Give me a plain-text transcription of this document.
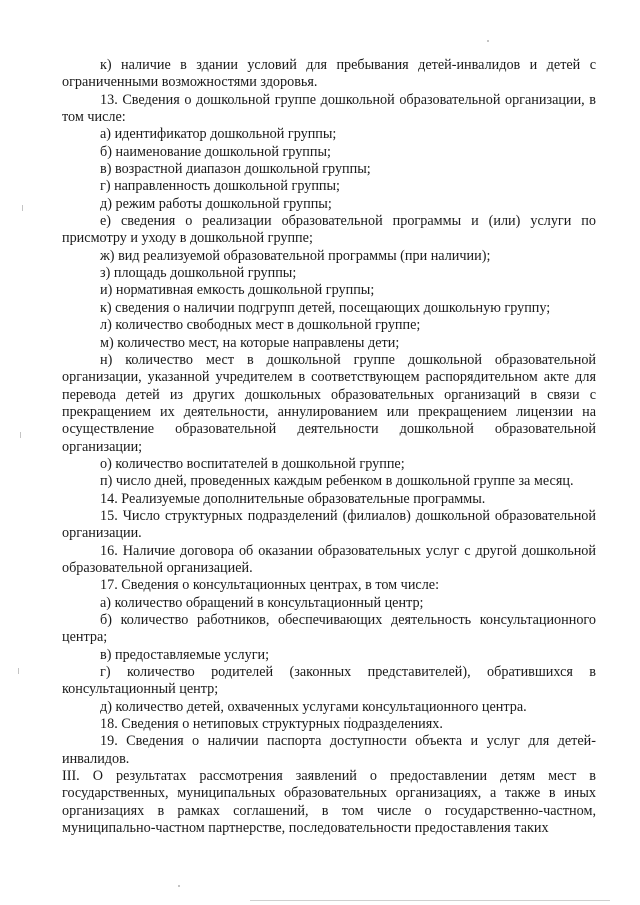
к) наличие в здании условий для пребывания детей-инвалидов и детей с ограниченными возможностями здоровья.

13. Сведения о дошкольной группе дошкольной образовательной организации, в том числе:

а) идентификатор дошкольной группы;

б) наименование дошкольной группы;

в) возрастной диапазон дошкольной группы;

г) направленность дошкольной группы;

д) режим работы дошкольной группы;

е) сведения о реализации образовательной программы и (или) услуги по присмотру и уходу в дошкольной группе;

ж) вид реализуемой образовательной программы (при наличии);

з) площадь дошкольной группы;

и) нормативная емкость дошкольной группы;

к) сведения о наличии подгрупп детей, посещающих дошкольную группу;

л) количество свободных мест в дошкольной группе;

м) количество мест, на которые направлены дети;

н) количество мест в дошкольной группе дошкольной образовательной организации, указанной учредителем в соответствующем распорядительном акте для перевода детей из других дошкольных образовательных организаций в связи с прекращением их деятельности, аннулированием или прекращением лицензии на осуществление образовательной деятельности дошкольной образовательной организации;

о) количество воспитателей в дошкольной группе;

п) число дней, проведенных каждым ребенком в дошкольной группе за месяц.

14. Реализуемые дополнительные образовательные программы.

15. Число структурных подразделений (филиалов) дошкольной образовательной организации.

16. Наличие договора об оказании образовательных услуг с другой дошкольной образовательной организацией.

17. Сведения о консультационных центрах, в том числе:

а) количество обращений в консультационный центр;

б) количество работников, обеспечивающих деятельность консультационного центра;

в) предоставляемые услуги;

г) количество родителей (законных представителей), обратившихся в консультационный центр;

д) количество детей, охваченных услугами консультационного центра.

18. Сведения о нетиповых структурных подразделениях.

19. Сведения о наличии паспорта доступности объекта и услуг для детей-инвалидов.

III. О результатах рассмотрения заявлений о предоставлении детям мест в государственных, муниципальных образовательных организациях, а также в иных организациях в рамках соглашений, в том числе о государственно-частном, муниципально-частном партнерстве, последовательности предоставления таких
